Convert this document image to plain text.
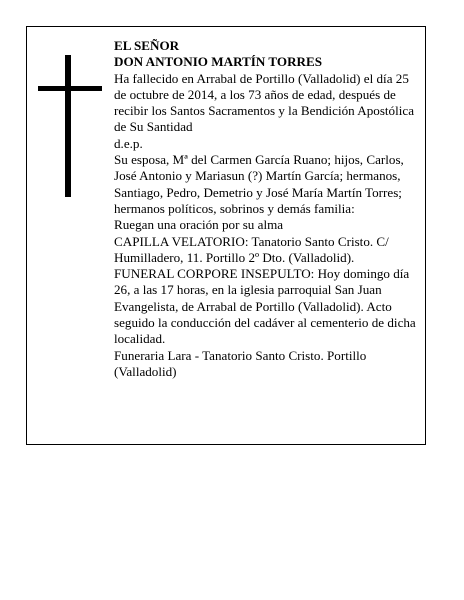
EL SEÑOR

DON ANTONIO MARTÍN TORRES

Ha fallecido en Arrabal de Portillo (Valladolid) el día 25 de octubre de 2014, a los 73 años de edad, después de recibir los Santos Sacramentos y la Bendición Apostólica de Su Santidad

d.e.p.

Su esposa, Mª del Carmen García Ruano; hijos, Carlos, José Antonio y Mariasun (?) Martín García; hermanos, Santiago, Pedro, Demetrio y José María Martín Torres; hermanos políticos, sobrinos y demás familia:

Ruegan una oración por su alma

CAPILLA VELATORIO: Tanatorio Santo Cristo. C/ Humilladero, 11. Portillo 2º Dto. (Valladolid).

FUNERAL CORPORE INSEPULTO: Hoy domingo día 26, a las 17 horas, en la iglesia parroquial San Juan Evangelista, de Arrabal de Portillo (Valladolid). Acto seguido la conducción del cadáver al cementerio de dicha localidad.

Funeraria Lara - Tanatorio Santo Cristo. Portillo (Valladolid)
